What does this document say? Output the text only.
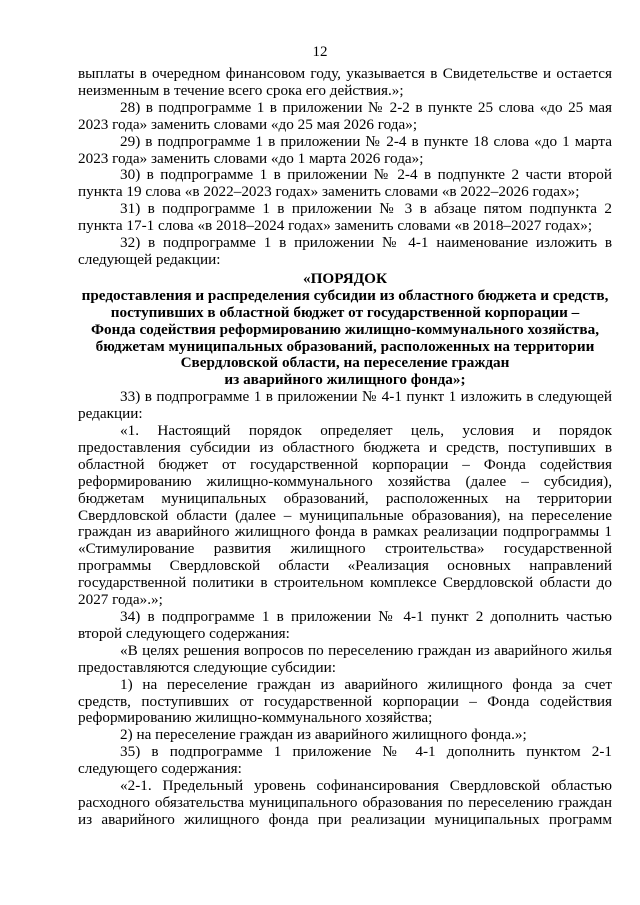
12

выплаты в очередном финансовом году, указывается в Свидетельстве и остается неизменным в течение всего срока его действия.»;

28) в подпрограмме 1 в приложении № 2-2 в пункте 25 слова «до 25 мая 2023 года» заменить словами «до 25 мая 2026 года»;

29) в подпрограмме 1 в приложении № 2-4 в пункте 18 слова «до 1 марта 2023 года» заменить словами «до 1 марта 2026 года»;

30) в подпрограмме 1 в приложении № 2-4 в подпункте 2 части второй пункта 19 слова «в 2022–2023 годах» заменить словами «в 2022–2026 годах»;

31) в подпрограмме 1 в приложении № 3 в абзаце пятом подпункта 2 пункта 17-1 слова «в 2018–2024 годах» заменить словами «в 2018–2027 годах»;

32) в подпрограмме 1 в приложении № 4-1 наименование изложить в следующей редакции:

«ПОРЯДОК
предоставления и распределения субсидии из областного бюджета и средств,
поступивших в областной бюджет от государственной корпорации –
Фонда содействия реформированию жилищно-коммунального хозяйства,
бюджетам муниципальных образований, расположенных на территории
Свердловской области, на переселение граждан
из аварийного жилищного фонда»;

33) в подпрограмме 1 в приложении № 4-1 пункт 1 изложить в следующей редакции:

«1. Настоящий порядок определяет цель, условия и порядок предоставления субсидии из областного бюджета и средств, поступивших в областной бюджет от государственной корпорации – Фонда содействия реформированию жилищно-коммунального хозяйства (далее – субсидия), бюджетам муниципальных образований, расположенных на территории Свердловской области (далее – муниципальные образования), на переселение граждан из аварийного жилищного фонда в рамках реализации подпрограммы 1 «Стимулирование развития жилищного строительства» государственной программы Свердловской области «Реализация основных направлений государственной политики в строительном комплексе Свердловской области до 2027 года».»;

34) в подпрограмме 1 в приложении № 4-1 пункт 2 дополнить частью второй следующего содержания:

«В целях решения вопросов по переселению граждан из аварийного жилья предоставляются следующие субсидии:

1) на переселение граждан из аварийного жилищного фонда за счет средств, поступивших от государственной корпорации – Фонда содействия реформированию жилищно-коммунального хозяйства;

2) на переселение граждан из аварийного жилищного фонда.»;

35) в подпрограмме 1 приложение № 4-1 дополнить пунктом 2-1 следующего содержания:

«2-1. Предельный уровень софинансирования Свердловской областью расходного обязательства муниципального образования по переселению граждан из аварийного жилищного фонда при реализации муниципальных программ
